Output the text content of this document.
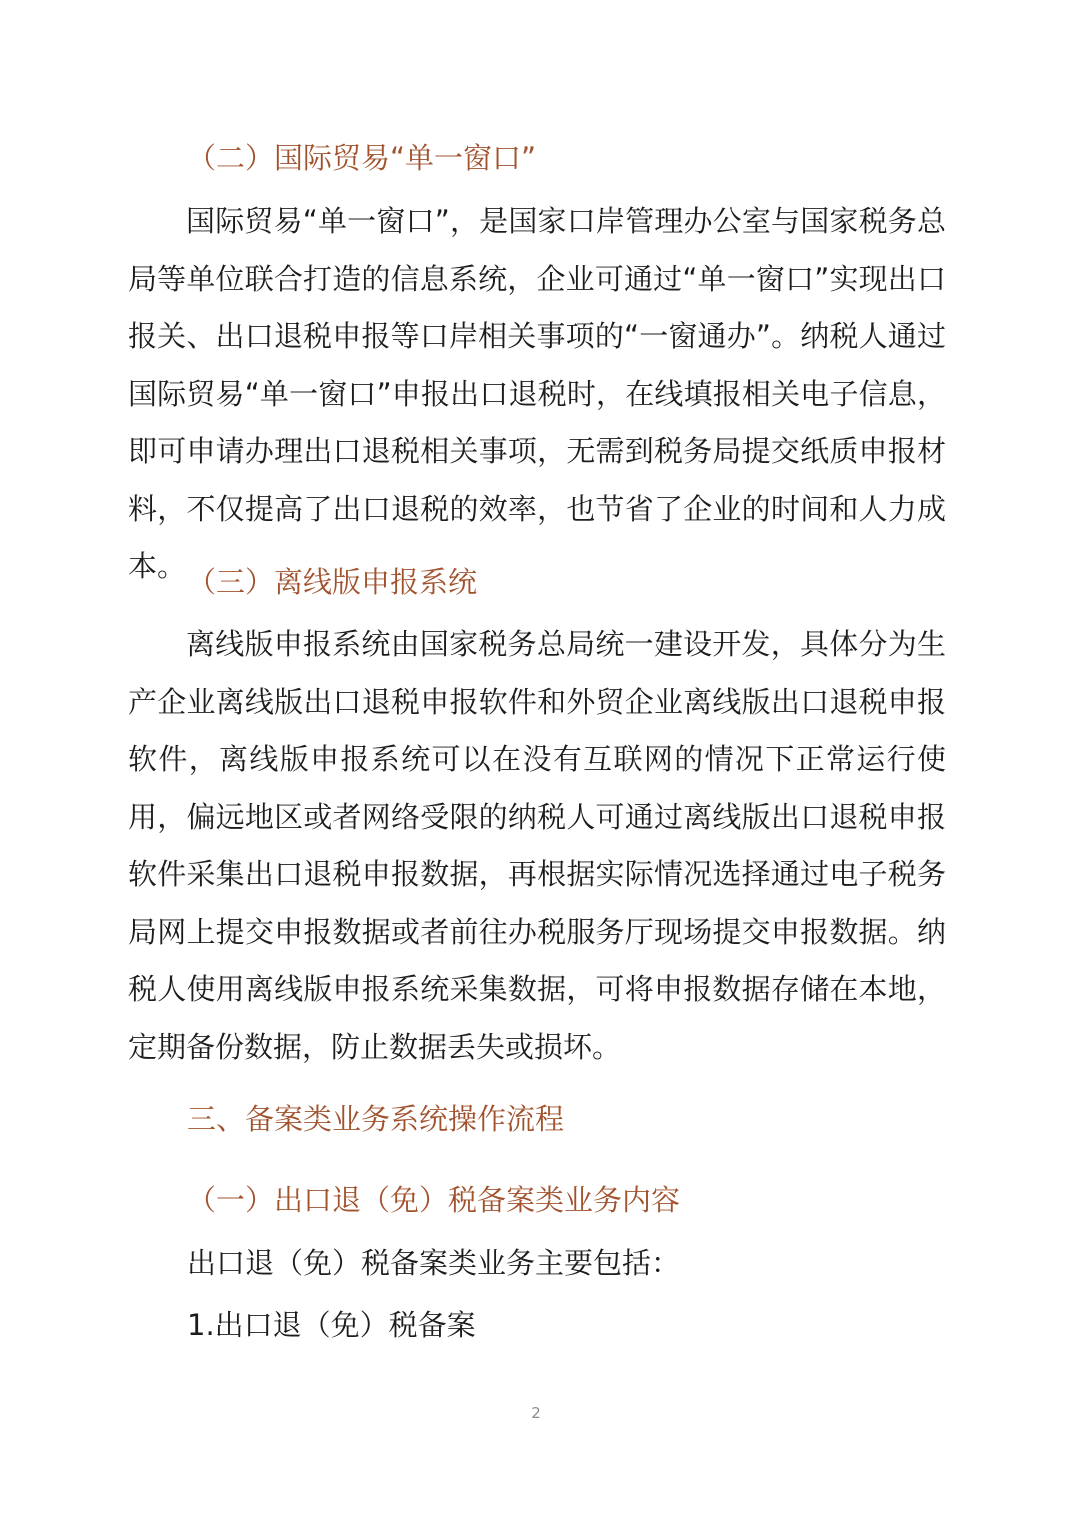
（二）国际贸易“单一窗口”
国际贸易“单一窗口”，是国家口岸管理办公室与国家税务总局等单位联合打造的信息系统，企业可通过“单一窗口”实现出口报关、出口退税申报等口岸相关事项的“一窗通办”。纳税人通过国际贸易“单一窗口”申报出口退税时，在线填报相关电子信息，即可申请办理出口退税相关事项，无需到税务局提交纸质申报材料，不仅提高了出口退税的效率，也节省了企业的时间和人力成本。 （三）离线版申报系统
离线版申报系统由国家税务总局统一建设开发，具体分为生产企业离线版出口退税申报软件和外贸企业离线版出口退税申报软件，离线版申报系统可以在没有互联网的情况下正常运行使用，偏远地区或者网络受限的纳税人可通过离线版出口退税申报软件采集出口退税申报数据，再根据实际情况选择通过电子税务局网上提交申报数据或者前往办税服务厅现场提交申报数据。纳税人使用离线版申报系统采集数据，可将申报数据存储在本地，定期备份数据，防止数据丢失或损坏。
三、备案类业务系统操作流程
（一）出口退（免）税备案类业务内容
出口退（免）税备案类业务主要包括：
1.出口退（免）税备案
2
